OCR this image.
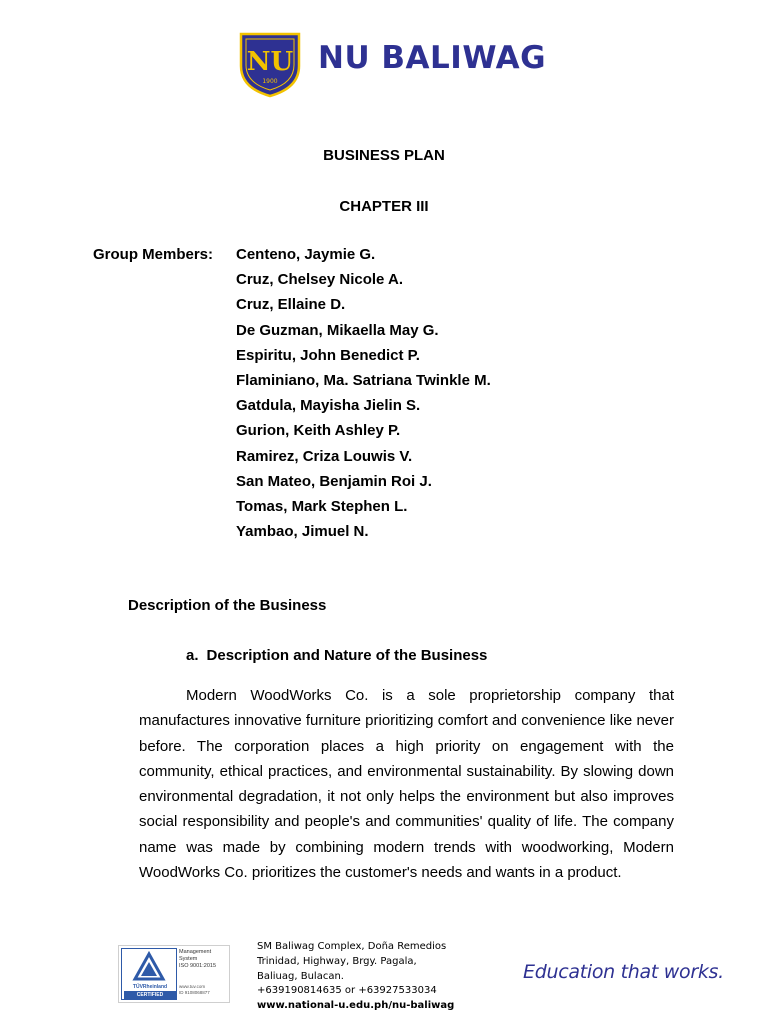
NU
1900
NU BALIWAG
BUSINESS PLAN
CHAPTER III
Group Members: Centeno, Jaymie G.
Cruz, Chelsey Nicole A.
Cruz, Ellaine D.
De Guzman, Mikaella May G.
Espiritu, John Benedict P.
Flaminiano, Ma. Satriana Twinkle M.
Gatdula, Mayisha Jielin S.
Gurion, Keith Ashley P.
Ramirez, Criza Louwis V.
San Mateo, Benjamin Roi J.
Tomas, Mark Stephen L.
Yambao, Jimuel N.
Description of the Business
a. Description and Nature of the Business

Modern WoodWorks Co. is a sole proprietorship company that manufactures innovative furniture prioritizing comfort and convenience like never before. The corporation places a high priority on engagement with the community, ethical practices, and environmental sustainability. By slowing down environmental degradation, it not only helps the environment but also improves social responsibility and people's and communities' quality of life. The company name was made by combining modern trends with woodworking, Modern WoodWorks Co. prioritizes the customer's needs and wants in a product.

TÜVRheinland
CERTIFIED
Management
System
ISO 9001:2015
www.tuv.com
ID 9108068877
SM Baliwag Complex, Doña Remedios
Trinidad, Highway, Brgy. Pagala,
Baliuag, Bulacan.
+639190814635 or +63927533034
www.national-u.edu.ph/nu-baliwag
Education that works.
